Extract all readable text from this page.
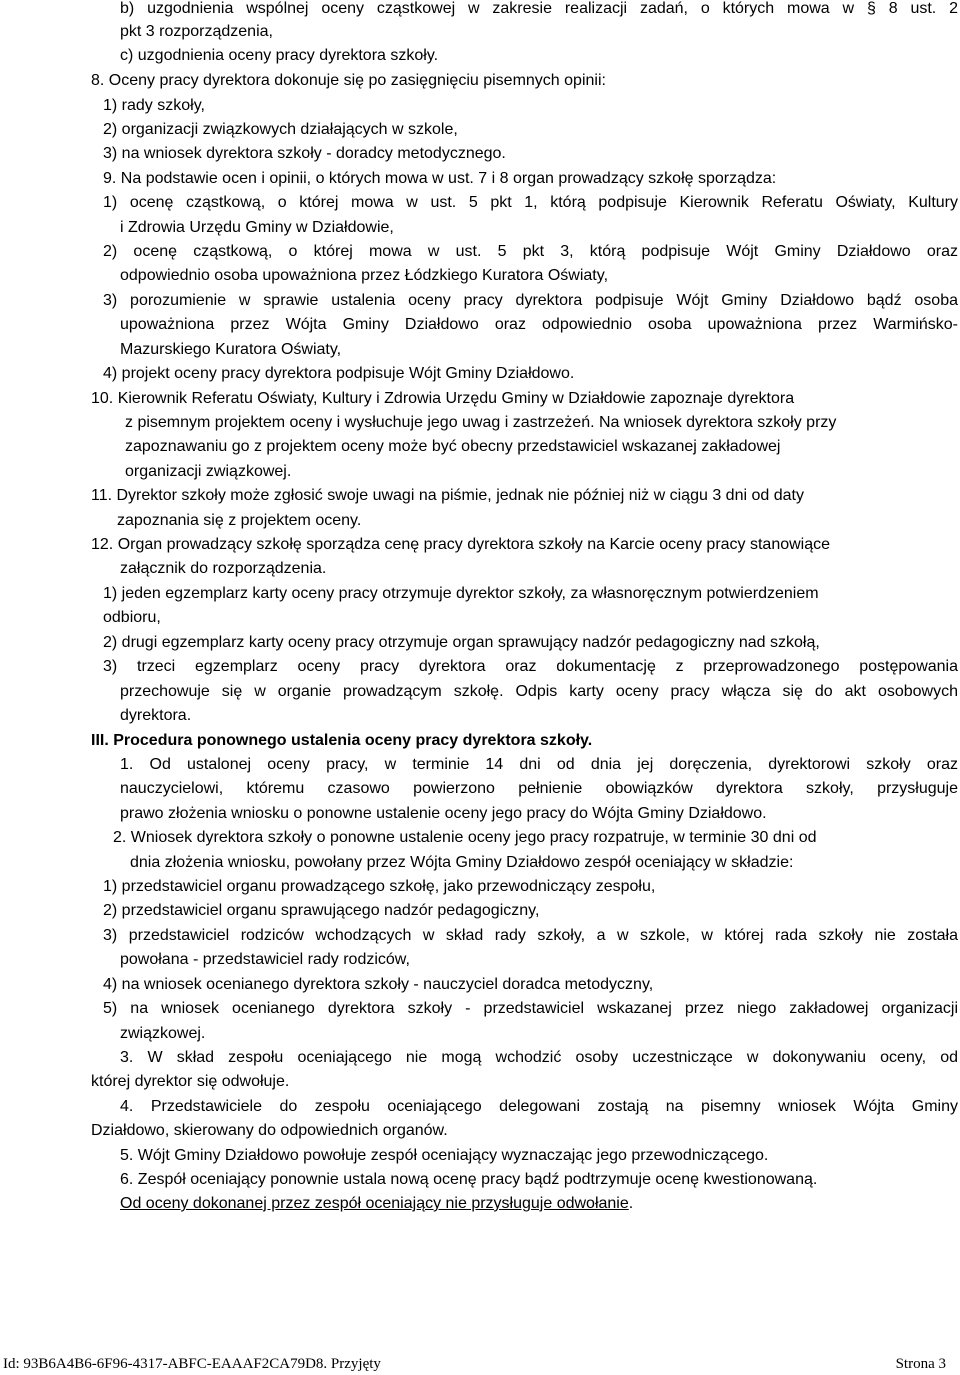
b) uzgodnienia wspólnej oceny cząstkowej w zakresie realizacji zadań, o których mowa w § 8 ust. 2
pkt 3 rozporządzenia,
c) uzgodnienia oceny pracy dyrektora szkoły.
8. Oceny pracy dyrektora dokonuje się po zasięgnięciu pisemnych opinii:
1) rady szkoły,
2) organizacji związkowych działających w szkole,
3) na wniosek dyrektora szkoły - doradcy metodycznego.
9. Na podstawie ocen i opinii, o których mowa w ust. 7 i 8 organ prowadzący szkołę sporządza:
1) ocenę cząstkową, o której mowa w ust. 5 pkt 1, którą podpisuje Kierownik Referatu Oświaty, Kultury
i Zdrowia Urzędu Gminy w Działdowie,
2) ocenę cząstkową, o której mowa w ust. 5 pkt 3, którą podpisuje Wójt Gminy Działdowo oraz
odpowiednio osoba upoważniona przez Łódzkiego Kuratora Oświaty,
3) porozumienie w sprawie ustalenia oceny pracy dyrektora podpisuje Wójt Gminy Działdowo bądź osoba
upoważniona przez Wójta Gminy Działdowo oraz odpowiednio osoba upoważniona przez Warmińsko-
Mazurskiego Kuratora Oświaty,
4) projekt oceny pracy dyrektora podpisuje Wójt Gminy Działdowo.
10. Kierownik Referatu Oświaty, Kultury i Zdrowia Urzędu Gminy w Działdowie zapoznaje dyrektora
z pisemnym projektem oceny i wysłuchuje jego uwag i zastrzeżeń. Na wniosek dyrektora szkoły przy
zapoznawaniu go z projektem oceny może być obecny przedstawiciel wskazanej zakładowej
organizacji związkowej.
11. Dyrektor szkoły może zgłosić swoje uwagi na piśmie, jednak nie później niż w ciągu 3 dni od daty
zapoznania się z projektem oceny.
12. Organ prowadzący szkołę sporządza cenę pracy dyrektora szkoły na Karcie oceny pracy stanowiące
załącznik do rozporządzenia.
1) jeden egzemplarz karty oceny pracy otrzymuje dyrektor szkoły, za własnoręcznym potwierdzeniem
odbioru,
2) drugi egzemplarz karty oceny pracy otrzymuje organ sprawujący nadzór pedagogiczny nad szkołą,
3) trzeci egzemplarz oceny pracy dyrektora oraz dokumentację z przeprowadzonego postępowania
przechowuje się w organie prowadzącym szkołę. Odpis karty oceny pracy włącza się do akt osobowych
dyrektora.
III. Procedura ponownego ustalenia oceny pracy dyrektora szkoły.
1. Od ustalonej oceny pracy, w terminie 14 dni od dnia jej doręczenia, dyrektorowi szkoły oraz
nauczycielowi, któremu czasowo powierzono pełnienie obowiązków dyrektora szkoły, przysługuje
prawo złożenia wniosku o ponowne ustalenie oceny jego pracy do Wójta Gminy Działdowo.
2. Wniosek dyrektora szkoły o ponowne ustalenie oceny jego pracy rozpatruje, w terminie 30 dni od
dnia złożenia wniosku, powołany przez Wójta Gminy Działdowo zespół oceniający w składzie:
1) przedstawiciel organu prowadzącego szkołę, jako przewodniczący zespołu,
2) przedstawiciel organu sprawującego nadzór pedagogiczny,
3) przedstawiciel rodziców wchodzących w skład rady szkoły, a w szkole, w której rada szkoły nie została
powołana - przedstawiciel rady rodziców,
4) na wniosek ocenianego dyrektora szkoły - nauczyciel doradca metodyczny,
5) na wniosek ocenianego dyrektora szkoły - przedstawiciel wskazanej przez niego zakładowej organizacji
związkowej.
3. W skład zespołu oceniającego nie mogą wchodzić osoby uczestniczące w dokonywaniu oceny, od
której dyrektor się odwołuje.
4. Przedstawiciele do zespołu oceniającego delegowani zostają na pisemny wniosek Wójta Gminy
Działdowo, skierowany do odpowiednich organów.
5. Wójt Gminy Działdowo powołuje zespół oceniający wyznaczając jego przewodniczącego.
6. Zespół oceniający ponownie ustala nową ocenę pracy bądź podtrzymuje ocenę kwestionowaną.
Od oceny dokonanej przez zespół oceniający nie przysługuje odwołanie.
Id: 93B6A4B6-6F96-4317-ABFC-EAAAF2CA79D8. Przyjęty	Strona 3
